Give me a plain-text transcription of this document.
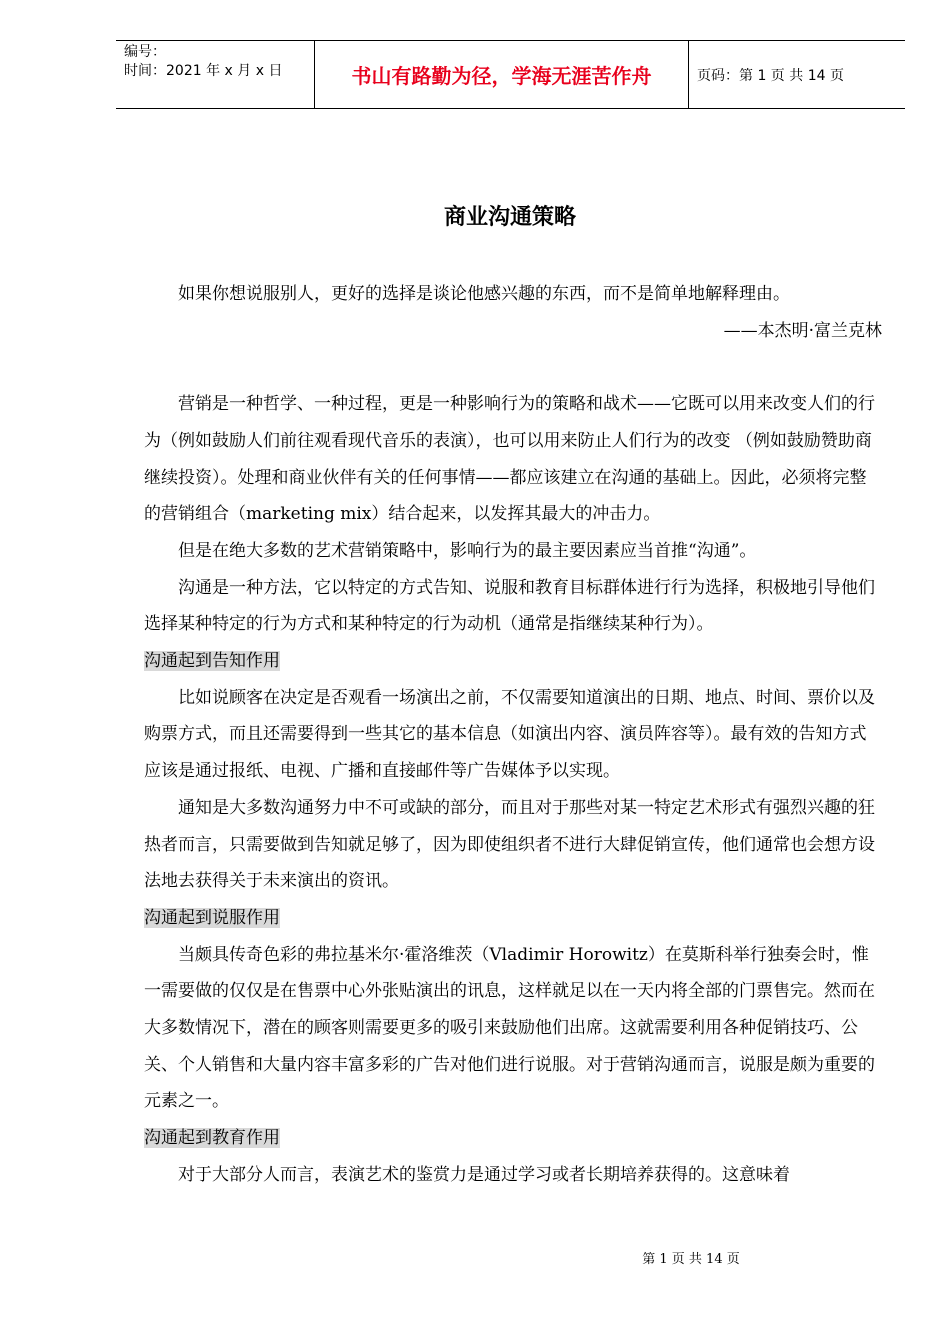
编号：
时间：2021 年 x 月 x 日	书山有路勤为径，学海无涯苦作舟	页码：第 1 页 共 14 页
商业沟通策略

如果你想说服别人，更好的选择是谈论他感兴趣的东西，而不是简单地解释理由。

——本杰明·富兰克林

营销是一种哲学、一种过程，更是一种影响行为的策略和战术——它既可以用来改变人们的行为（例如鼓励人们前往观看现代音乐的表演），也可以用来防止人们行为的改变 （例如鼓励赞助商继续投资）。处理和商业伙伴有关的任何事情——都应该建立在沟通的基础上。因此，必须将完整的营销组合（marketing mix）结合起来，以发挥其最大的冲击力。

但是在绝大多数的艺术营销策略中，影响行为的最主要因素应当首推“沟通”。

沟通是一种方法，它以特定的方式告知、说服和教育目标群体进行行为选择，积极地引导他们选择某种特定的行为方式和某种特定的行为动机（通常是指继续某种行为）。

沟通起到告知作用

比如说顾客在决定是否观看一场演出之前，不仅需要知道演出的日期、地点、时间、票价以及购票方式，而且还需要得到一些其它的基本信息（如演出内容、演员阵容等）。最有效的告知方式应该是通过报纸、电视、广播和直接邮件等广告媒体予以实现。

通知是大多数沟通努力中不可或缺的部分，而且对于那些对某一特定艺术形式有强烈兴趣的狂热者而言，只需要做到告知就足够了，因为即使组织者不进行大肆促销宣传，他们通常也会想方设法地去获得关于未来演出的资讯。

沟通起到说服作用

当颇具传奇色彩的弗拉基米尔·霍洛维茨（Vladimir Horowitz）在莫斯科举行独奏会时，惟一需要做的仅仅是在售票中心外张贴演出的讯息，这样就足以在一天内将全部的门票售完。然而在大多数情况下，潜在的顾客则需要更多的吸引来鼓励他们出席。这就需要利用各种促销技巧、公关、个人销售和大量内容丰富多彩的广告对他们进行说服。对于营销沟通而言，说服是颇为重要的元素之一。

沟通起到教育作用

对于大部分人而言，表演艺术的鉴赏力是通过学习或者长期培养获得的。这意味着

第 1 页 共 14 页
